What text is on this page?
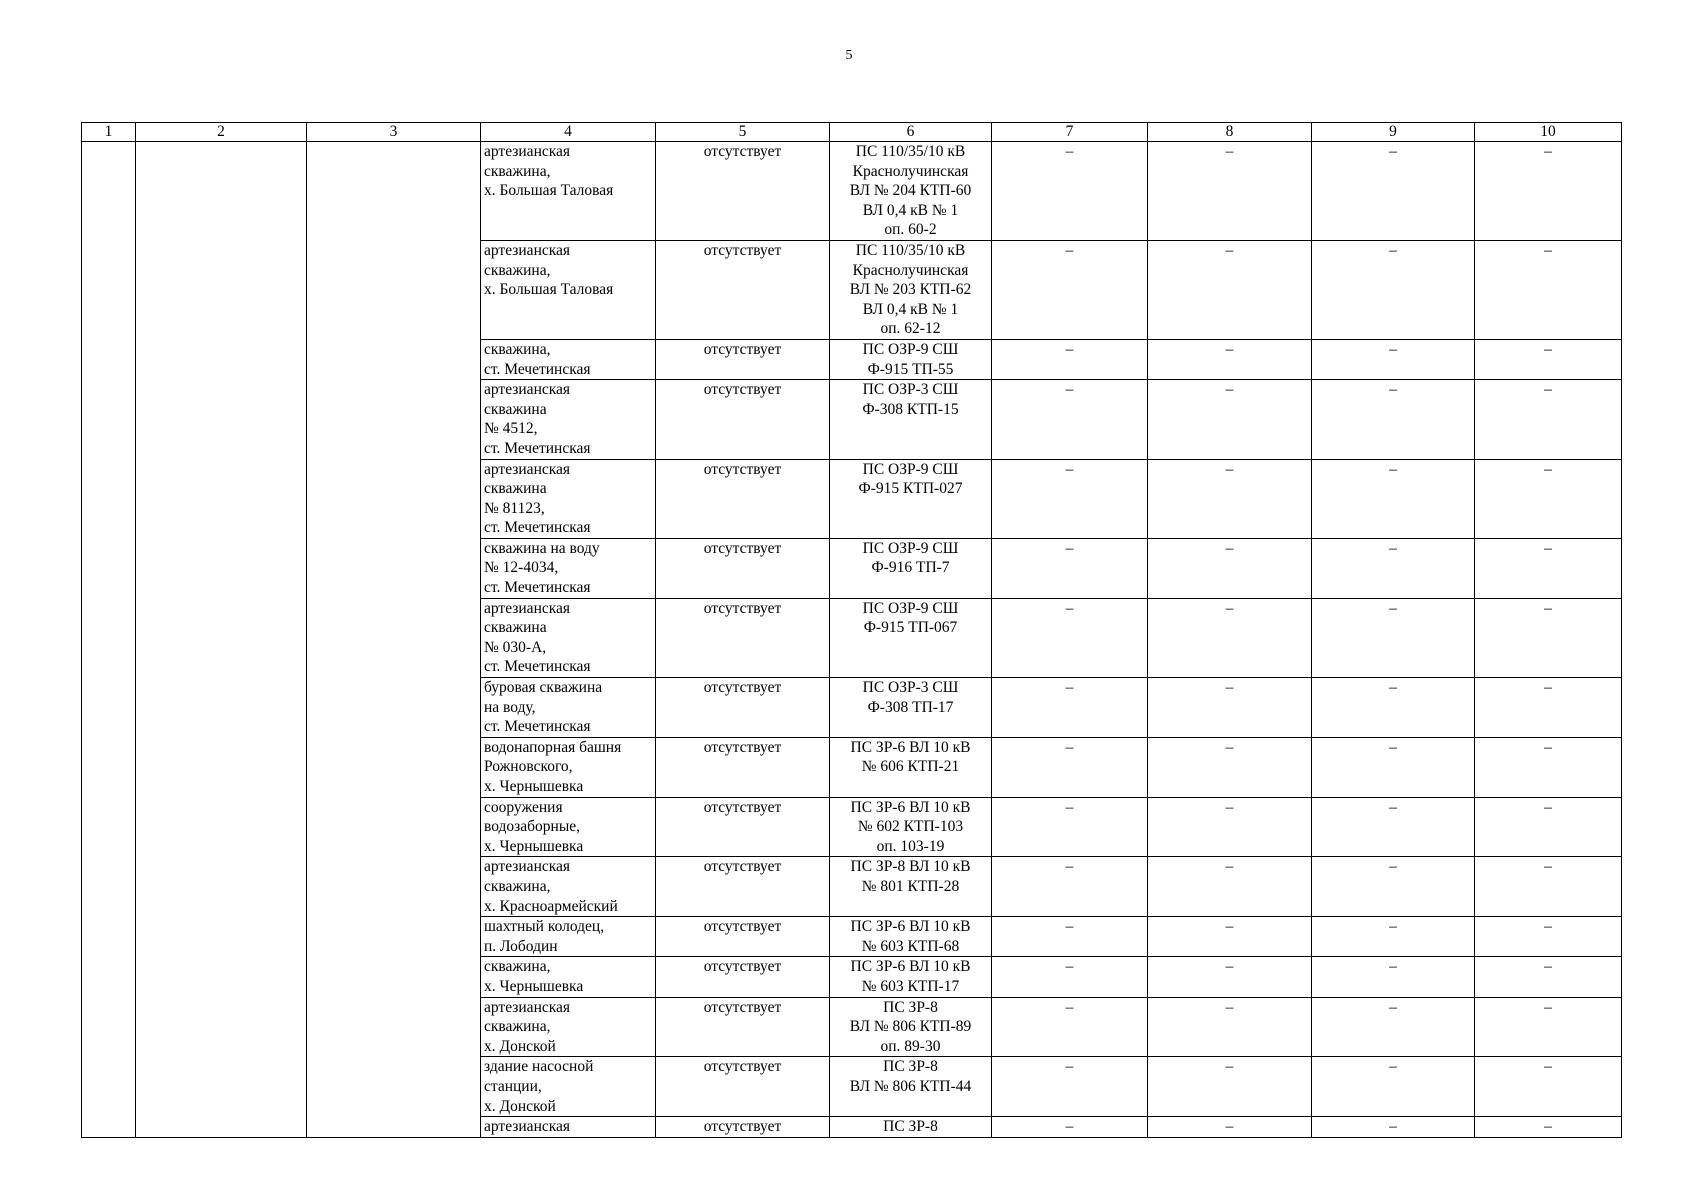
5
1	2	3	4	5	6	7	8	9	10

			артезианская
скважина,
х. Большая Таловая	отсутствует	ПС 110/35/10 кВ
Краснолучинская
ВЛ № 204 КТП-60
ВЛ 0,4 кВ № 1
оп. 60-2	–	–	–	–

			артезианская
скважина,
х. Большая Таловая	отсутствует	ПС 110/35/10 кВ
Краснолучинская
ВЛ № 203 КТП-62
ВЛ 0,4 кВ № 1
оп. 62-12	–	–	–	–

			скважина,
ст. Мечетинская	отсутствует	ПС ОЗР-9 СШ
Ф-915 ТП-55	–	–	–	–

			артезианская
скважина
№ 4512,
ст. Мечетинская	отсутствует	ПС ОЗР-3 СШ
Ф-308 КТП-15	–	–	–	–

			артезианская
скважина
№ 81123,
ст. Мечетинская	отсутствует	ПС ОЗР-9 СШ
Ф-915 КТП-027	–	–	–	–

			скважина на воду
№ 12-4034,
ст. Мечетинская	отсутствует	ПС ОЗР-9 СШ
Ф-916 ТП-7	–	–	–	–

			артезианская
скважина
№ 030-А,
ст. Мечетинская	отсутствует	ПС ОЗР-9 СШ
Ф-915 ТП-067	–	–	–	–

			буровая скважина
на воду,
ст. Мечетинская	отсутствует	ПС ОЗР-3 СШ
Ф-308 ТП-17	–	–	–	–

			водонапорная башня
Рожновского,
х. Чернышевка	отсутствует	ПС ЗР-6 ВЛ 10 кВ
№ 606 КТП-21	–	–	–	–

			сооружения
водозаборные,
х. Чернышевка	отсутствует	ПС ЗР-6 ВЛ 10 кВ
№ 602 КТП-103
оп. 103-19	–	–	–	–

			артезианская
скважина,
х. Красноармейский	отсутствует	ПС ЗР-8 ВЛ 10 кВ
№ 801 КТП-28	–	–	–	–

			шахтный колодец,
п. Лободин	отсутствует	ПС ЗР-6 ВЛ 10 кВ
№ 603 КТП-68	–	–	–	–

			скважина,
х. Чернышевка	отсутствует	ПС ЗР-6 ВЛ 10 кВ
№ 603 КТП-17	–	–	–	–

			артезианская
скважина,
х. Донской	отсутствует	ПС ЗР-8
ВЛ № 806 КТП-89
оп. 89-30	–	–	–	–

			здание насосной
станции,
х. Донской	отсутствует	ПС ЗР-8
ВЛ № 806 КТП-44	–	–	–	–

			артезианская	отсутствует	ПС ЗР-8	–	–	–	–
